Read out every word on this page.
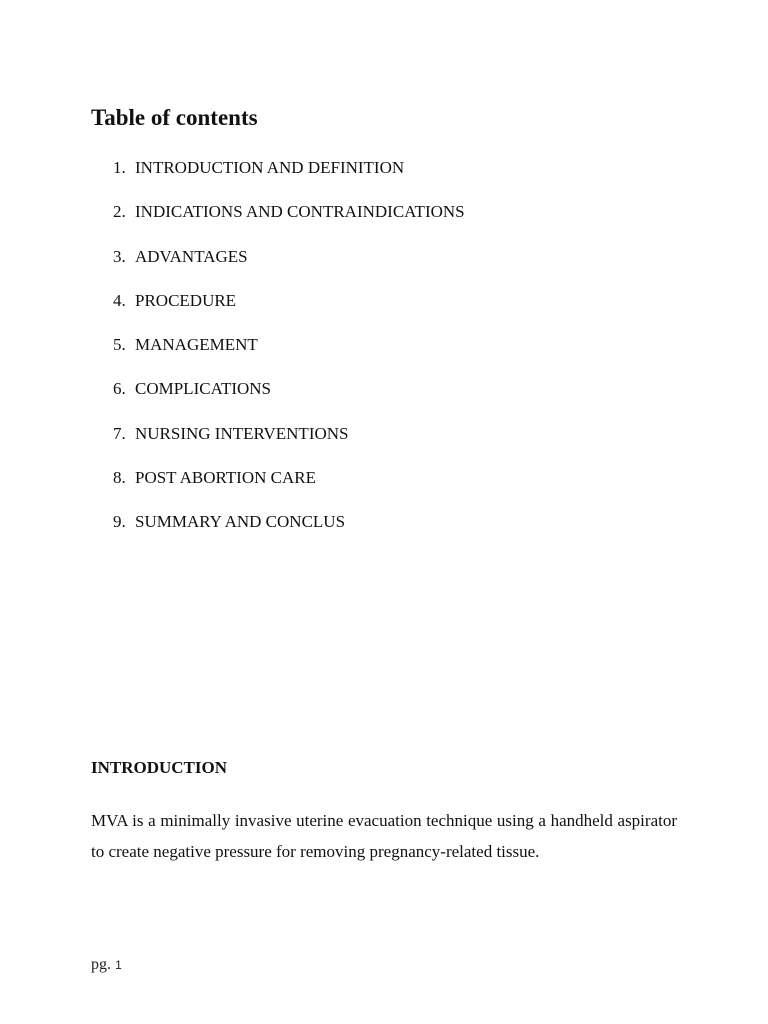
Table of contents
1. INTRODUCTION AND DEFINITION
2. INDICATIONS AND CONTRAINDICATIONS
3. ADVANTAGES
4. PROCEDURE
5. MANAGEMENT
6. COMPLICATIONS
7. NURSING INTERVENTIONS
8. POST ABORTION CARE
9. SUMMARY AND CONCLUS
INTRODUCTION

MVA is a minimally invasive uterine evacuation technique using a handheld aspirator to create negative pressure for removing pregnancy-related tissue.

pg. 1
